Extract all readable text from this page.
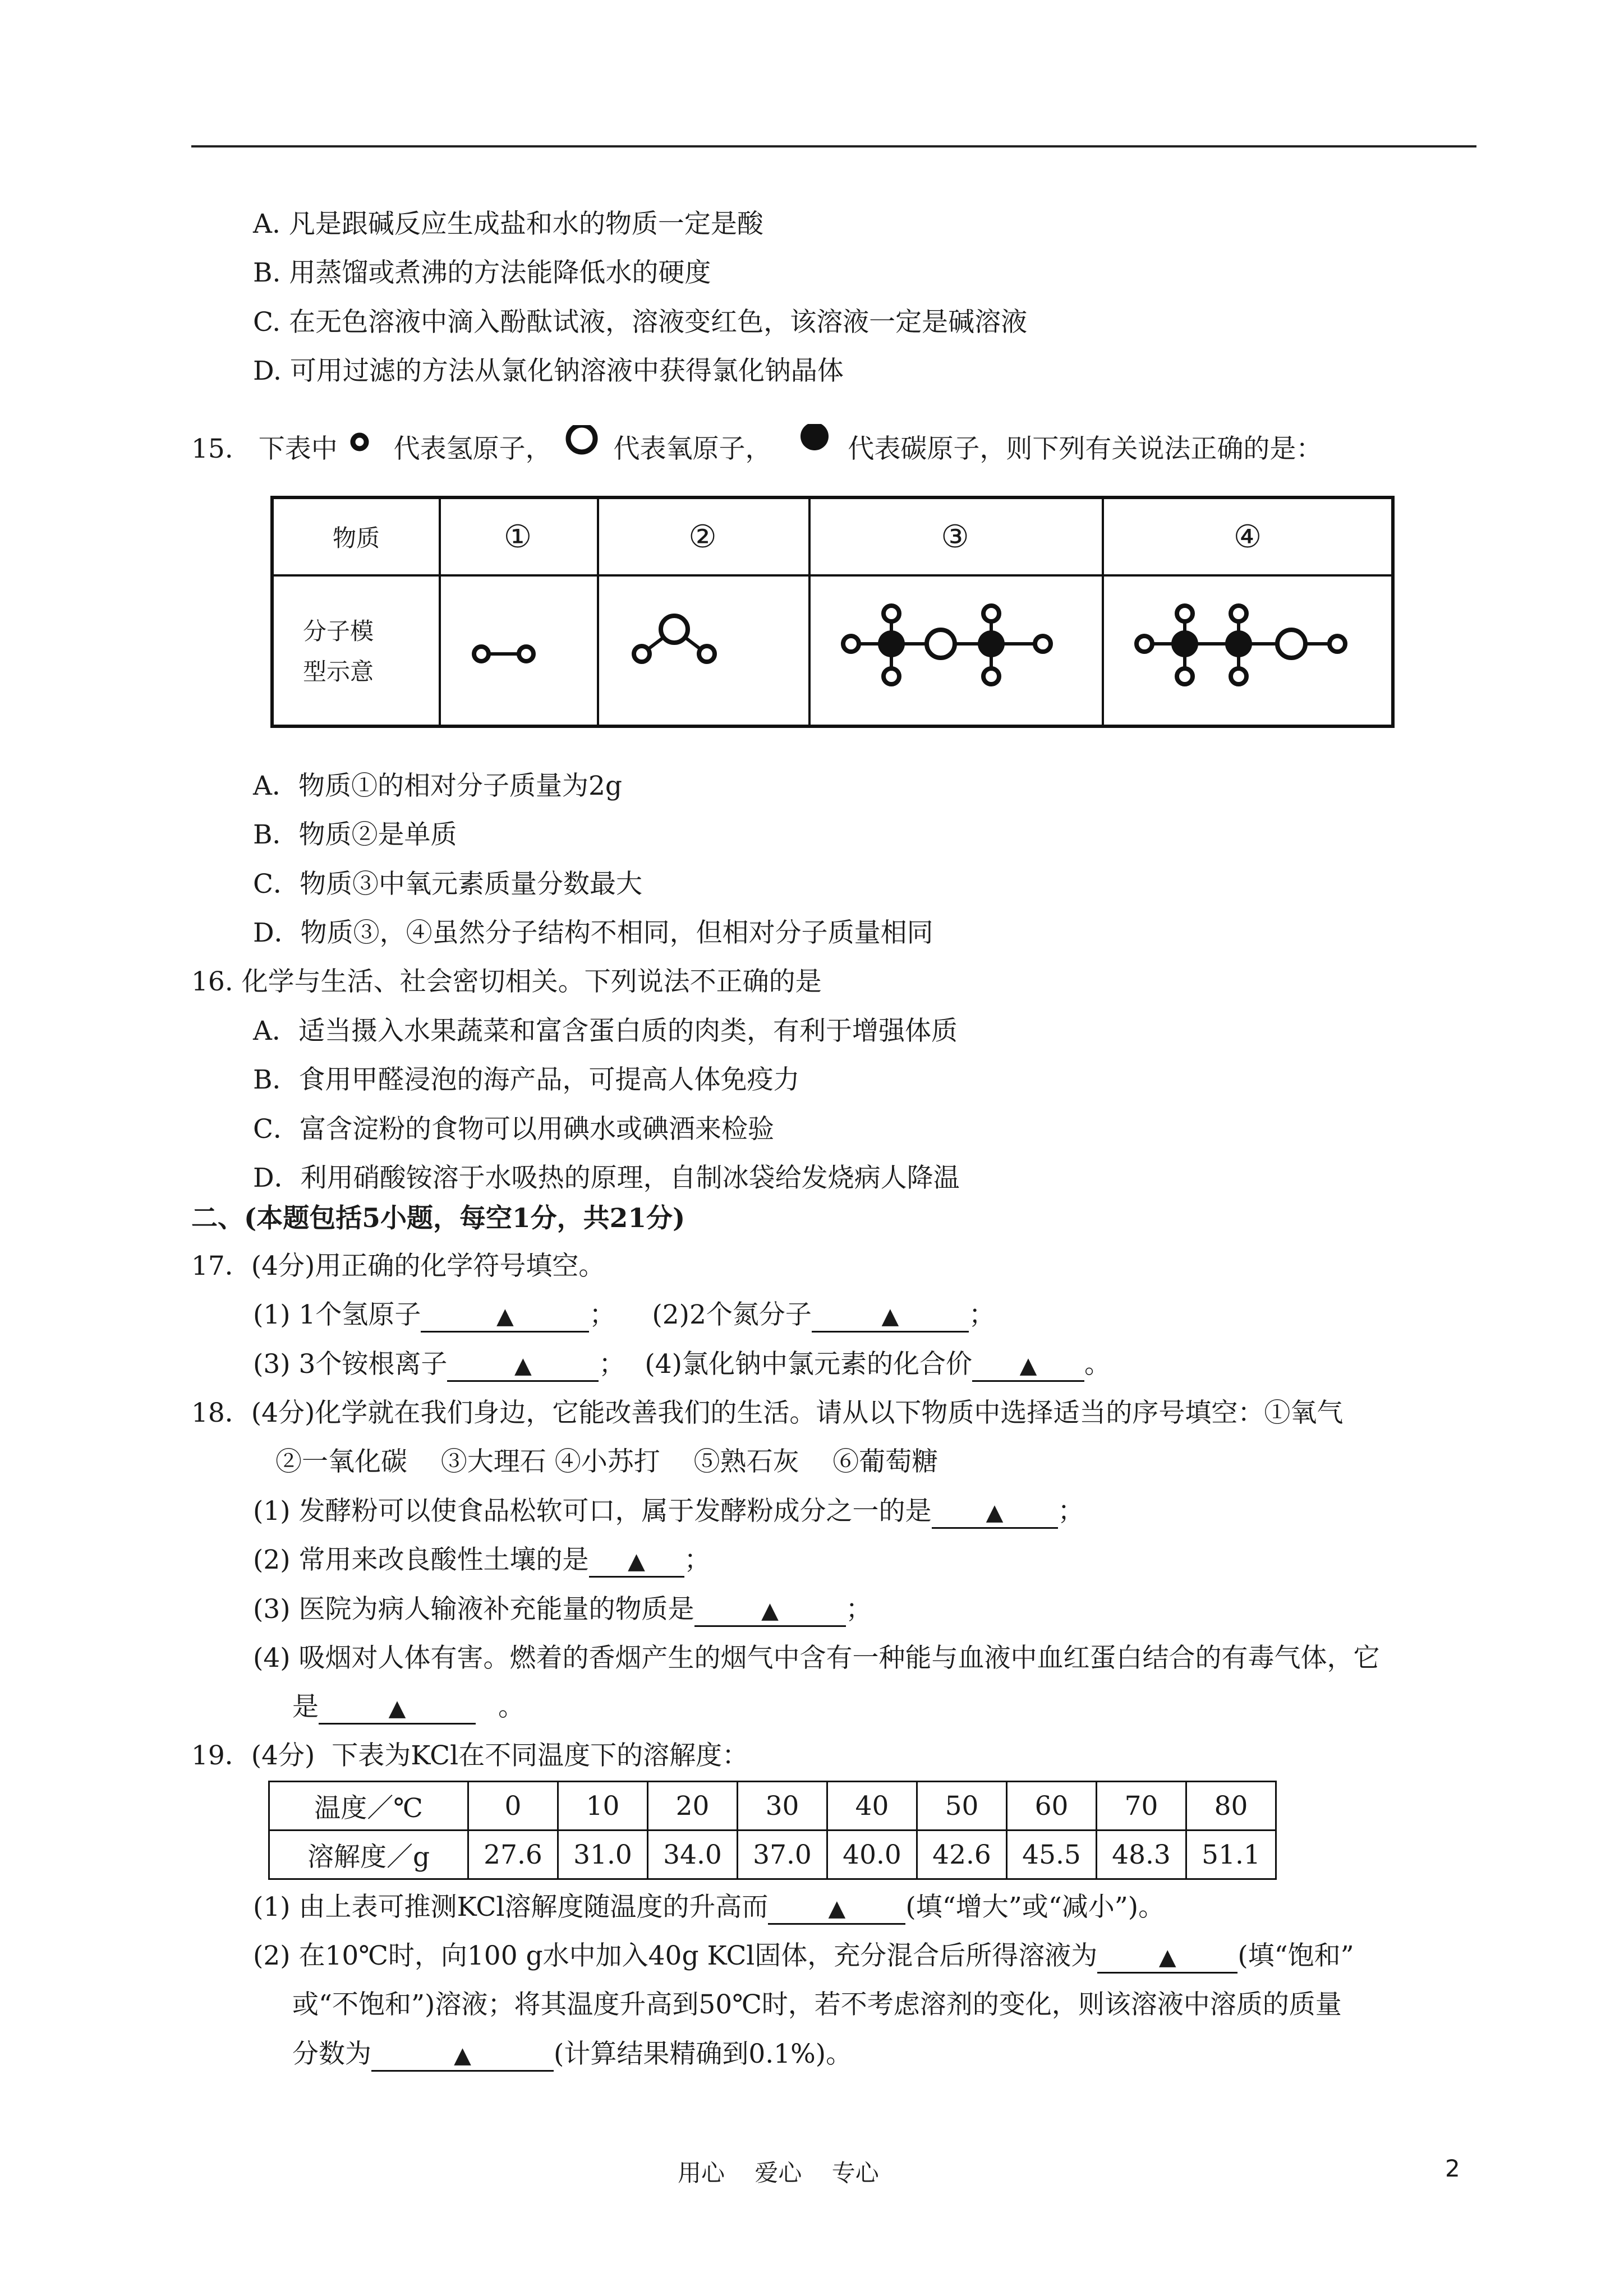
A. 凡是跟碱反应生成盐和水的物质一定是酸
B. 用蒸馏或煮沸的方法能降低水的硬度
C. 在无色溶液中滴入酚酞试液，溶液变红色，该溶液一定是碱溶液
D. 可用过滤的方法从氯化钠溶液中获得氯化钠晶体
15. 下表中 代表氢原子， 代表氧原子，	代表碳原子，则下列有关说法正确的是：
物质	①	②	③	④
分子模
型示意
A．物质①的相对分子质量为2g
B．物质②是单质
C．物质③中氧元素质量分数最大
D．物质③，④虽然分子结构不相同，但相对分子质量相同
16. 化学与生活、社会密切相关。下列说法不正确的是
A．适当摄入水果蔬菜和富含蛋白质的肉类，有利于增强体质
B．食用甲醛浸泡的海产品，可提高人体免疫力
C．富含淀粉的食物可以用碘水或碘酒来检验
D．利用硝酸铵溶于水吸热的原理，自制冰袋给发烧病人降温
二、(本题包括5小题，每空1分，共21分)
17．(4分)用正确的化学符号填空。
(1) 1个氢原子	▲	； (2)2个氮分子	▲	；
(3) 3个铵根离子	▲	； (4)氯化钠中氯元素的化合价 ▲ 。
18．(4分)化学就在我们身边，它能改善我们的生活。请从以下物质中选择适当的序号填空：①氧气
②一氧化碳    ③大理石 ④小苏打    ⑤熟石灰    ⑥葡萄糖
(1) 发酵粉可以使食品松软可口，属于发酵粉成分之一的是 ▲ ；
(2) 常用来改良酸性土壤的是 ▲ ；
(3) 医院为病人输液补充能量的物质是	▲	；
(4) 吸烟对人体有害。燃着的香烟产生的烟气中含有一种能与血液中血红蛋白结合的有毒气体，它
是	▲	。
19．(4分)  下表为KCl在不同温度下的溶解度：
温度／℃	0	10	20	30	40	50	60	70	80
溶解度／g	27.6	31.0	34.0	37.0	40.0	42.6	45.5	48.3	51.1
(1) 由上表可推测KCl溶解度随温度的升高而	▲ (填“增大”或“减小”)。
(2) 在10℃时，向100 g水中加入40g KCl固体，充分混合后所得溶液为	▲ (填“饱和”
或“不饱和”)溶液；将其温度升高到50℃时，若不考虑溶剂的变化，则该溶液中溶质的质量
分数为	▲	(计算结果精确到0.1%)。
用心    爱心    专心	2
